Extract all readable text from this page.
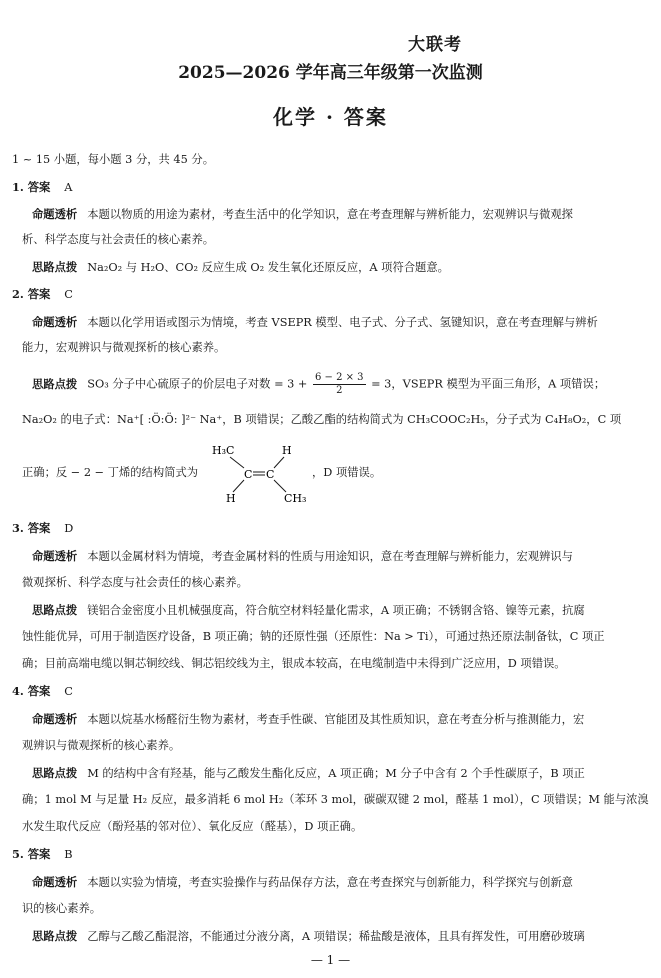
大联考
2025—2026 学年高三年级第一次监测
化学 · 答案
1 ~ 15 小题，每小题 3 分，共 45 分。
1. 答案 A
命题透析 本题以物质的用途为素材，考查生活中的化学知识，意在考查理解与辨析能力，宏观辨识与微观探
析、科学态度与社会责任的核心素养。
思路点拨 Na₂O₂ 与 H₂O、CO₂ 反应生成 O₂ 发生氧化还原反应，A 项符合题意。
2. 答案 C
命题透析 本题以化学用语或图示为情境，考查 VSEPR 模型、电子式、分子式、氢键知识，意在考查理解与辨析
能力，宏观辨识与微观探析的核心素养。
思路点拨 SO₃ 分子中心硫原子的价层电子对数 = $3 + \frac{6 - 2 \times 3}{2} = 3$，VSEPR 模型为平面三角形，A 项错误；
Na₂O₂ 的电子式：Na⁺[ :Ö:Ö: ]²⁻ Na⁺，B 项错误；乙酸乙酯的结构简式为 CH₃COOC₂H₅，分子式为 C₄H₈O₂，C 项
正确；反 − 2 − 丁烯的结构简式为
H₃C	H
C C
H	CH₃
，D 项错误。
3. 答案 D
命题透析 本题以金属材料为情境，考查金属材料的性质与用途知识，意在考查理解与辨析能力，宏观辨识与
微观探析、科学态度与社会责任的核心素养。
思路点拨 镁铝合金密度小且机械强度高，符合航空材料轻量化需求，A 项正确；不锈钢含铬、镍等元素，抗腐
蚀性能优异，可用于制造医疗设备，B 项正确；钠的还原性强（还原性：Na > Ti），可通过热还原法制备钛，C 项正
确；目前高端电缆以铜芯铜绞线、铜芯铝绞线为主，银成本较高，在电缆制造中未得到广泛应用，D 项错误。
4. 答案 C
命题透析 本题以烷基水杨醛衍生物为素材，考查手性碳、官能团及其性质知识，意在考查分析与推测能力，宏
观辨识与微观探析的核心素养。
思路点拨 M 的结构中含有羟基，能与乙酸发生酯化反应，A 项正确；M 分子中含有 2 个手性碳原子，B 项正
确；1 mol M 与足量 H₂ 反应，最多消耗 6 mol H₂（苯环 3 mol，碳碳双键 2 mol，醛基 1 mol），C 项错误；M 能与浓溴
水发生取代反应（酚羟基的邻对位）、氧化反应（醛基），D 项正确。
5. 答案 B
命题透析 本题以实验为情境，考查实验操作与药品保存方法，意在考查探究与创新能力，科学探究与创新意
识的核心素养。
思路点拨 乙醇与乙酸乙酯混溶，不能通过分液分离，A 项错误；稀盐酸是液体，且具有挥发性，可用磨砂玻璃
— 1 —
